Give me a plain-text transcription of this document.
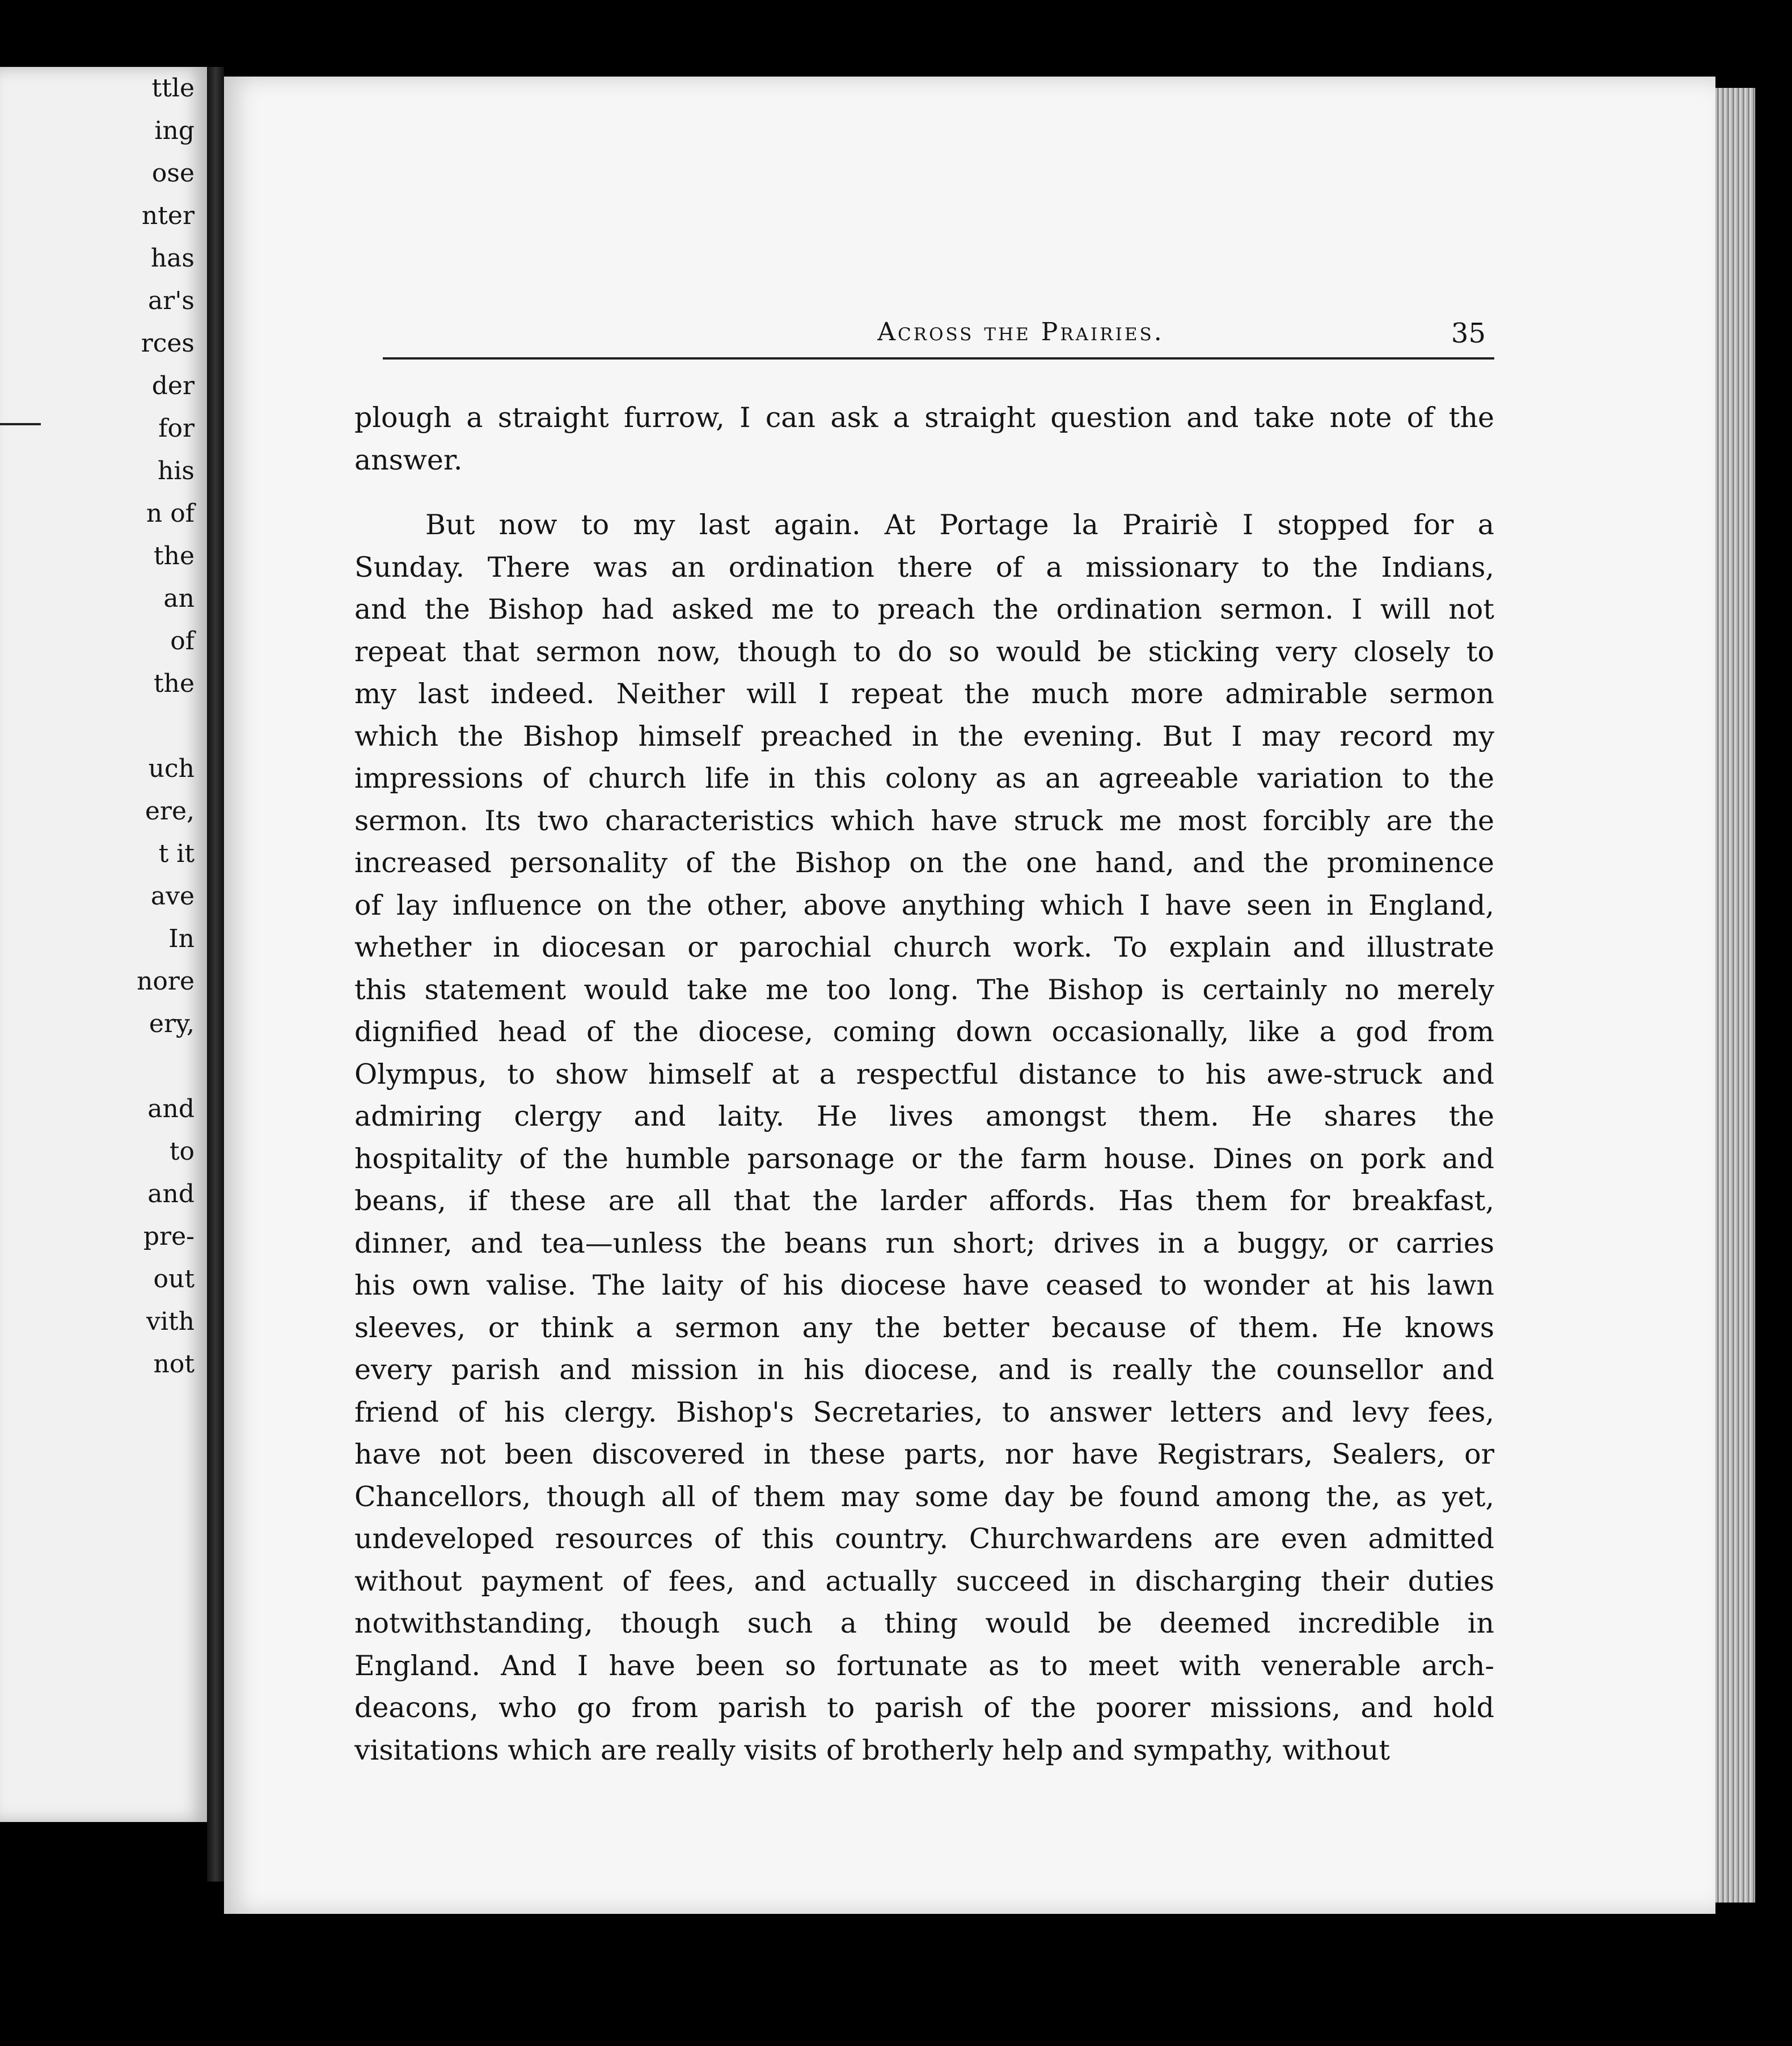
ttle
ing
ose
nter
has
ar's
rces
der
for
his
n of
the
an
of
the
uch
ere,
t it
ave
In
nore
ery,
and
to
and
pre-
out
vith
not
Across the Prairies.	35
plough a straight furrow, I can ask a straight question and take note of the
answer.
But now to my last again. At Portage la Prairiè I stopped for a
Sunday. There was an ordination there of a missionary to the Indians,
and the Bishop had asked me to preach the ordination sermon. I will not
repeat that sermon now, though to do so would be sticking very closely to
my last indeed. Neither will I repeat the much more admirable sermon
which the Bishop himself preached in the evening. But I may record my
impressions of church life in this colony as an agreeable variation to the
sermon. Its two characteristics which have struck me most forcibly are the
increased personality of the Bishop on the one hand, and the prominence
of lay influence on the other, above anything which I have seen in England,
whether in diocesan or parochial church work. To explain and illustrate
this statement would take me too long. The Bishop is certainly no merely
dignified head of the diocese, coming down occasionally, like a god from
Olympus, to show himself at a respectful distance to his awe-struck and
admiring clergy and laity. He lives amongst them. He shares the
hospitality of the humble parsonage or the farm house. Dines on pork and
beans, if these are all that the larder affords. Has them for breakfast,
dinner, and tea—unless the beans run short; drives in a buggy, or carries
his own valise. The laity of his diocese have ceased to wonder at his lawn
sleeves, or think a sermon any the better because of them. He knows
every parish and mission in his diocese, and is really the counsellor and
friend of his clergy. Bishop's Secretaries, to answer letters and levy fees,
have not been discovered in these parts, nor have Registrars, Sealers, or
Chancellors, though all of them may some day be found among the, as yet,
undeveloped resources of this country. Churchwardens are even admitted
without payment of fees, and actually succeed in discharging their duties
notwithstanding, though such a thing would be deemed incredible in
England. And I have been so fortunate as to meet with venerable arch-
deacons, who go from parish to parish of the poorer missions, and hold
visitations which are really visits of brotherly help and sympathy, without
